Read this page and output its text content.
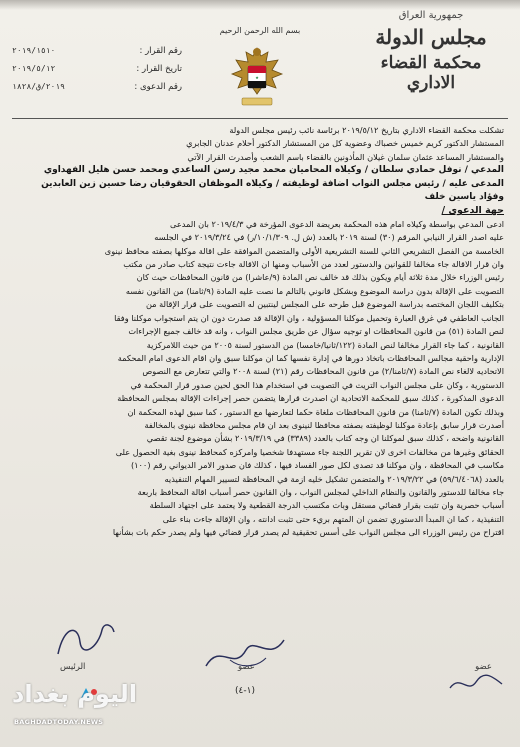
جمهورية العراق
مجلس الدولة
محكمة القضاء الاداري
بسم الله الرحمن الرحيم
★
رقم القرار :
٢٠١٩/١٥١٠
تاريخ القرار :
٢٠١٩/٥/١٢
رقم الدعوى :
٢٠١٩/ق/١٨٢٨

تشكلت محكمة القضاء الاداري بتاريخ ٢٠١٩/٥/١٢ برئاسة نائب رئيس مجلس الدولة

المستشار الدكتور كريم خميس خصباك وعضوية كل من المستشار الدكتور أحلام عدنان الجابري

والمستشار المساعد عثمان سلمان غيلان المأذونين بالقضاء باسم الشعب وأصدرت القرار الآتي

المدعي / نوفل حمادي سلطان / وكيلاه المحاميان محمد مجيد رسن الساعدي ومحمد حسن هليل الفهداوي

المدعى عليه / رئيس مجلس النواب اضافة لوظيفته / وكيلاه الموظفان الحقوقيان رضا حسين زين العابدين

وفؤاد ياسين خلف

جهة الدعوى /

ادعى المدعي بواسطة وكيلاه امام هذه المحكمة بعريضة الدعوى المؤرخة في ٢٠١٩/٤/٣ بان المدعى

عليه اصدر القرار النيابي المرقم (٣٠) لسنة ٢٠١٩ بالعدد (ش ل. ١٠/١/٣٠٩/ر) في ٢٠١٩/٣/٢٤ في الجلسه

الخامسة من الفصل التشريعي الثاني للسنة التشريعية الأولى والمتضمن الموافقة على اقالة موكلها بصفته محافظ نينوى

وان قرار الاقالة جاء مخالفا للقوانين والدستور لعدد من الأسباب ومنها ان الاقالة جاءت نتيجة كتاب صادر من مكتب

رئيس الوزراء خلال مدة ثلاثة أيام ويكون بذلك قد خالف نص المادة (٩/عاشرا) من قانون المحافظات حيث كان

التصويت على الإقالة بدون دراسة الموضوع وبشكل قانوني بالتالم ما نصت عليه المادة (٩/ثامنا) من القانون نفسه

بتكليف اللجان المختصه بدراسة الموضوع قبل طرحه على المجلس لينتبين له التصويت على قرار الإقالة من

الجانب العاطفي في غرق العبارة وتحميل موكلنا المسؤولية ، وان الإقالة قد صدرت دون ان يتم استجواب موكلنا وفقا

لنص المادة (٥١) من قانون المحافظات او توجيه سؤال عن طريق مجلس النواب ، وانه قد خالف جميع الإجراءات

القانونية ، كما جاء القرار مخالفا لنص المادة (١٢٢/ثانيا/خامسا) من الدستور لسنة ٢٠٠٥ من حيث اللامركزية

الإدارية واحقية مجالس المحافظات باتخاذ دورها في إدارة نفسها كما ان موكلنا سبق وان اقام الدعوى امام المحكمة

الاتحاديه لالغاء نص المادة (٧/ثامنا/٢) من قانون المحافظات رقم (٢١) لسنة ٢٠٠٨ والتي تتعارض مع النصوص

الدستورية ، وكان على مجلس النواب التريث في التصويت في استخدام هذا الحق لحين صدور قرار المحكمة في

الدعوى المذكورة ، كذلك سبق للمحكمة الاتحادية ان اصدرت قرارها يتضمن حصر إجراءات الإقالة بمجلس المحافظة

وبذلك تكون المادة (٧/ثامنا) من قانون المحافظات ملغاة حكما لتعارضها مع الدستور ، كما سبق لهذه المحكمة ان

أصدرت قرار سابق بإعادة موكلنا لوظيفته بصفته محافظا لنينوى بعد ان قام مجلس محافظة نينوى بالمخالفة

القانونية واضحه ، كذلك سبق لموكلنا ان وجه كتاب بالعدد (٣٣٨٩) في ٢٠١٩/٣/١٩ بشأن موضوع لجنة تقصي

الحقائق وغيرها من مخالفات اخرى لان تقرير اللجنة جاء مستهدفا شخصيا وامركزه كمحافظ نينوى بغية الحصول على

مكاسب في المحافظة ، وان موكلنا قد تصدى لكل صور الفساد فيها ، كذلك فان صدور الامر الديواني رقم (١٠٠)

بالعدد (٥٩/٦/٤٠٦٨) في ٢٠١٩/٣/٢٢ والمتضمن تشكيل خليه ازمة في المحافظة لتسيير المهام التنفيذيه

جاء مخالفا للدستور والقانون والنظام الداخلي لمجلس النواب ، وان القانون حصر أسباب اقالة المحافظ باربعة

أسباب حصرية وان تثبت بقرار قضائي مستقل وبات مكتسب الدرجة القطعية ولا يعتمد على اجتهاد السلطة

التنفيذية ، كما ان المبدأ الدستوري تضمن ان المتهم بريء حتى تثبت ادانته ، وان الإقالة جاءت بناء على

اقتراح من رئيس الوزراء الى مجلس النواب على أسس تحقيقية لم يصدر قرار قضائي فيها ولم يصدر حكم بات بشأنها

عضو
عضو
الرئيس
(١-٤)
اليوم بغداد
BAGHDADTODAY.NEWS
